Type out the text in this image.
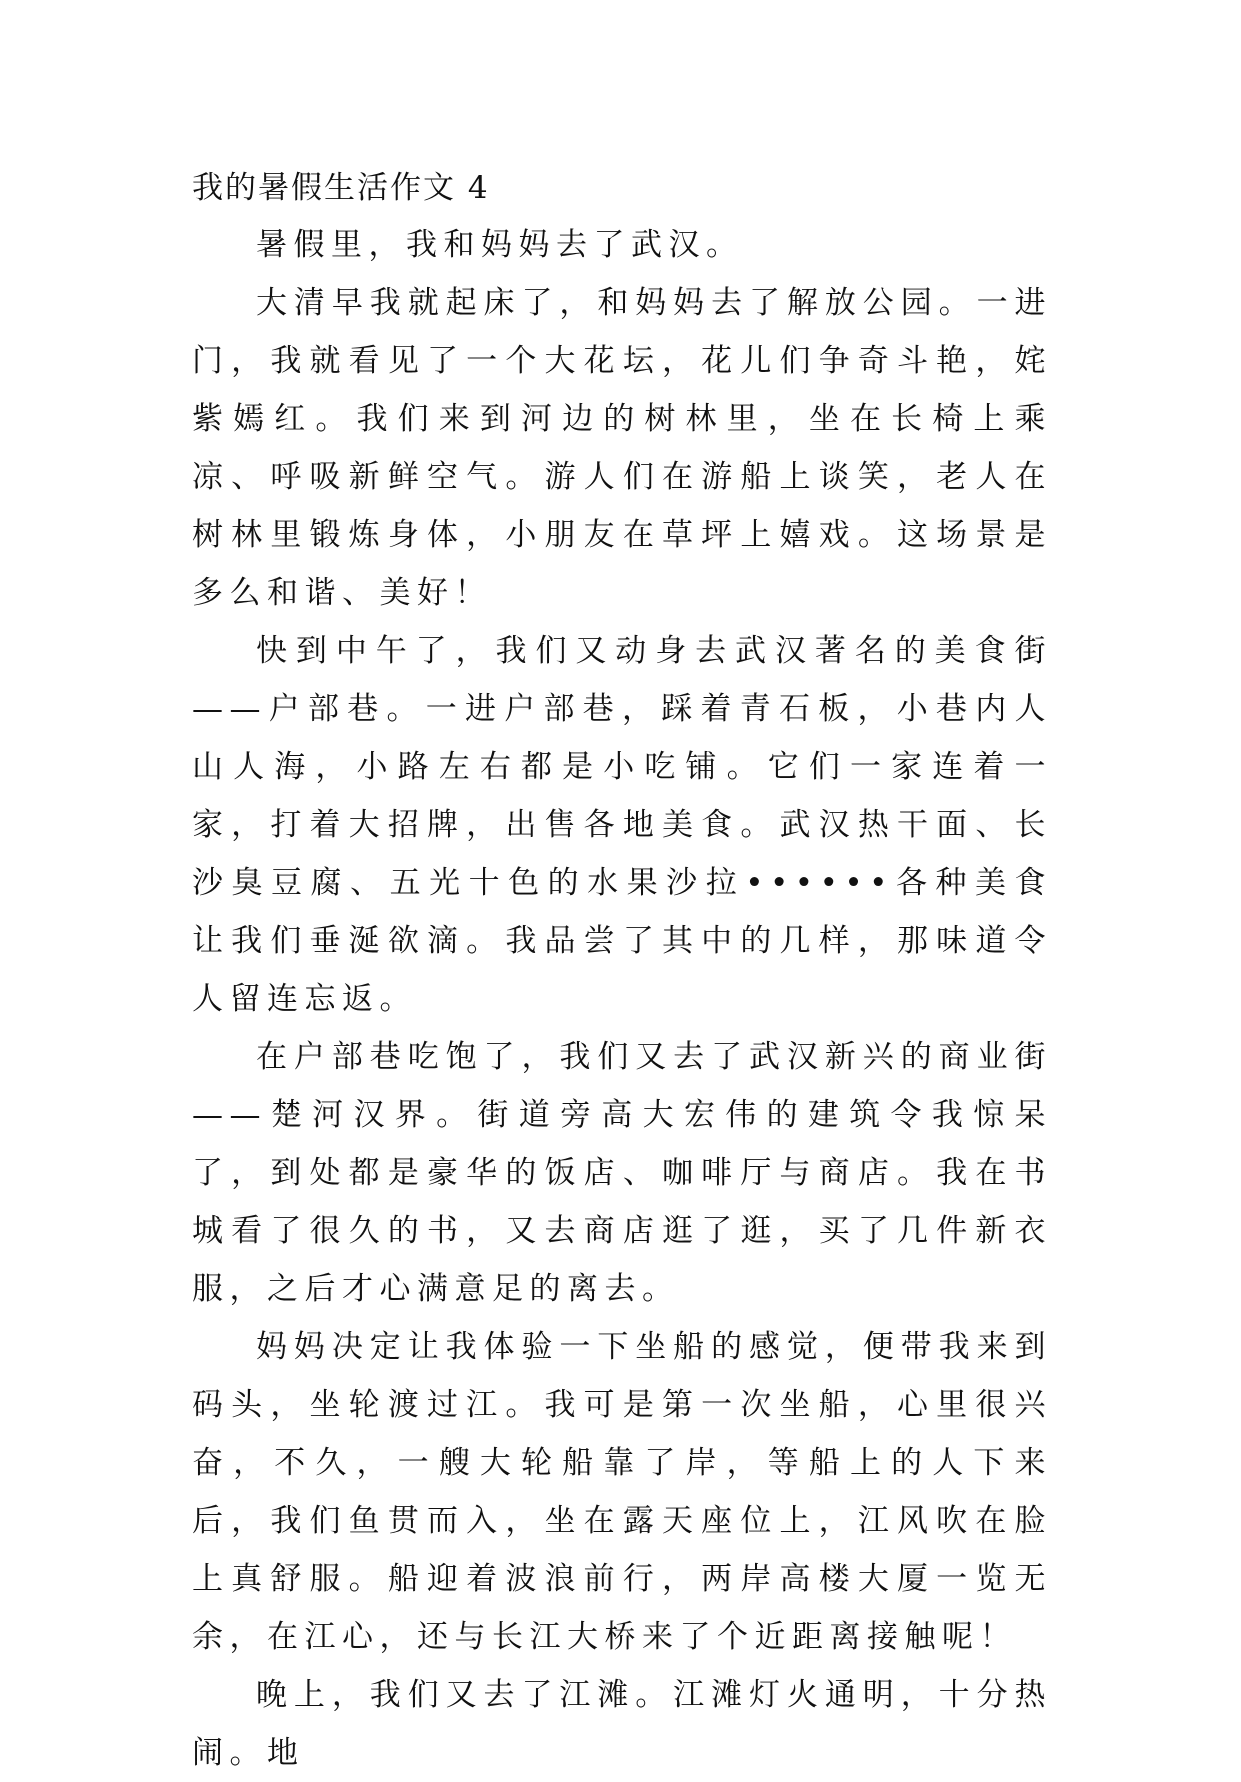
我的暑假生活作文 4

暑假里，我和妈妈去了武汉。

大清早我就起床了，和妈妈去了解放公园。一进门，我就看见了一个大花坛，花儿们争奇斗艳，姹紫嫣红。我们来到河边的树林里，坐在长椅上乘凉、呼吸新鲜空气。游人们在游船上谈笑，老人在树林里锻炼身体，小朋友在草坪上嬉戏。这场景是多么和谐、美好！

快到中午了，我们又动身去武汉著名的美食街——户部巷。一进户部巷，踩着青石板，小巷内人山人海，小路左右都是小吃铺。它们一家连着一家，打着大招牌，出售各地美食。武汉热干面、长沙臭豆腐、五光十色的水果沙拉••••••各种美食让我们垂涎欲滴。我品尝了其中的几样，那味道令人留连忘返。

在户部巷吃饱了，我们又去了武汉新兴的商业街——楚河汉界。街道旁高大宏伟的建筑令我惊呆了，到处都是豪华的饭店、咖啡厅与商店。我在书城看了很久的书，又去商店逛了逛，买了几件新衣服，之后才心满意足的离去。

妈妈决定让我体验一下坐船的感觉，便带我来到码头，坐轮渡过江。我可是第一次坐船，心里很兴奋，不久，一艘大轮船靠了岸，等船上的人下来后，我们鱼贯而入，坐在露天座位上，江风吹在脸上真舒服。船迎着波浪前行，两岸高楼大厦一览无余，在江心，还与长江大桥来了个近距离接触呢！

晚上，我们又去了江滩。江滩灯火通明，十分热闹。地
